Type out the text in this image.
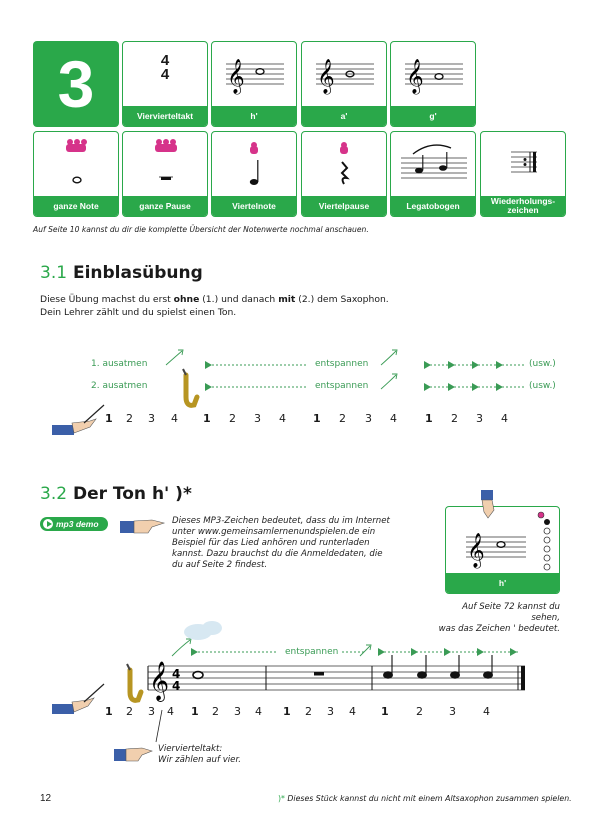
3	4
4
Viervierteltakt
𝄞
h'
𝄞
a'
𝄞
g'
ganze Note	ganze Pause	Viertelnote	Viertelpause	Legatobogen	Wiederholungs-zeichen
Auf Seite 10 kannst du dir die komplette Übersicht der Notenwerte nochmal anschauen.
3.1 Einblasübung
Diese Übung machst du erst ohne (1.) und danach mit (2.) dem Saxophon.
Dein Lehrer zählt und du spielst einen Ton.
1. ausatmen
2. ausatmen
entspannen
entspannen
(usw.)
(usw.)
1 2 3 4 1 2 3 4 1 2 3 4	1 2 3 4
3.2 Der Ton h' )*
mp3 demo	Dieses MP3-Zeichen bedeutet, dass du im Internet
unter www.gemeinsamlernenundspielen.de ein
Beispiel für das Lied anhören und runterladen
kannst. Dazu brauchst du die Anmeldedaten, die
du auf Seite 2 findest.	𝄞
h'
Auf Seite 72 kannst du sehen,
was das Zeichen ' bedeutet.
𝄞 4
4
entspannen
1 2 3 4 1 2 3 4 1 2 3 4 1 2 3 4
Viervierteltakt:
Wir zählen auf vier.
12	)* Dieses Stück kannst du nicht mit einem Altsaxophon zusammen spielen.
